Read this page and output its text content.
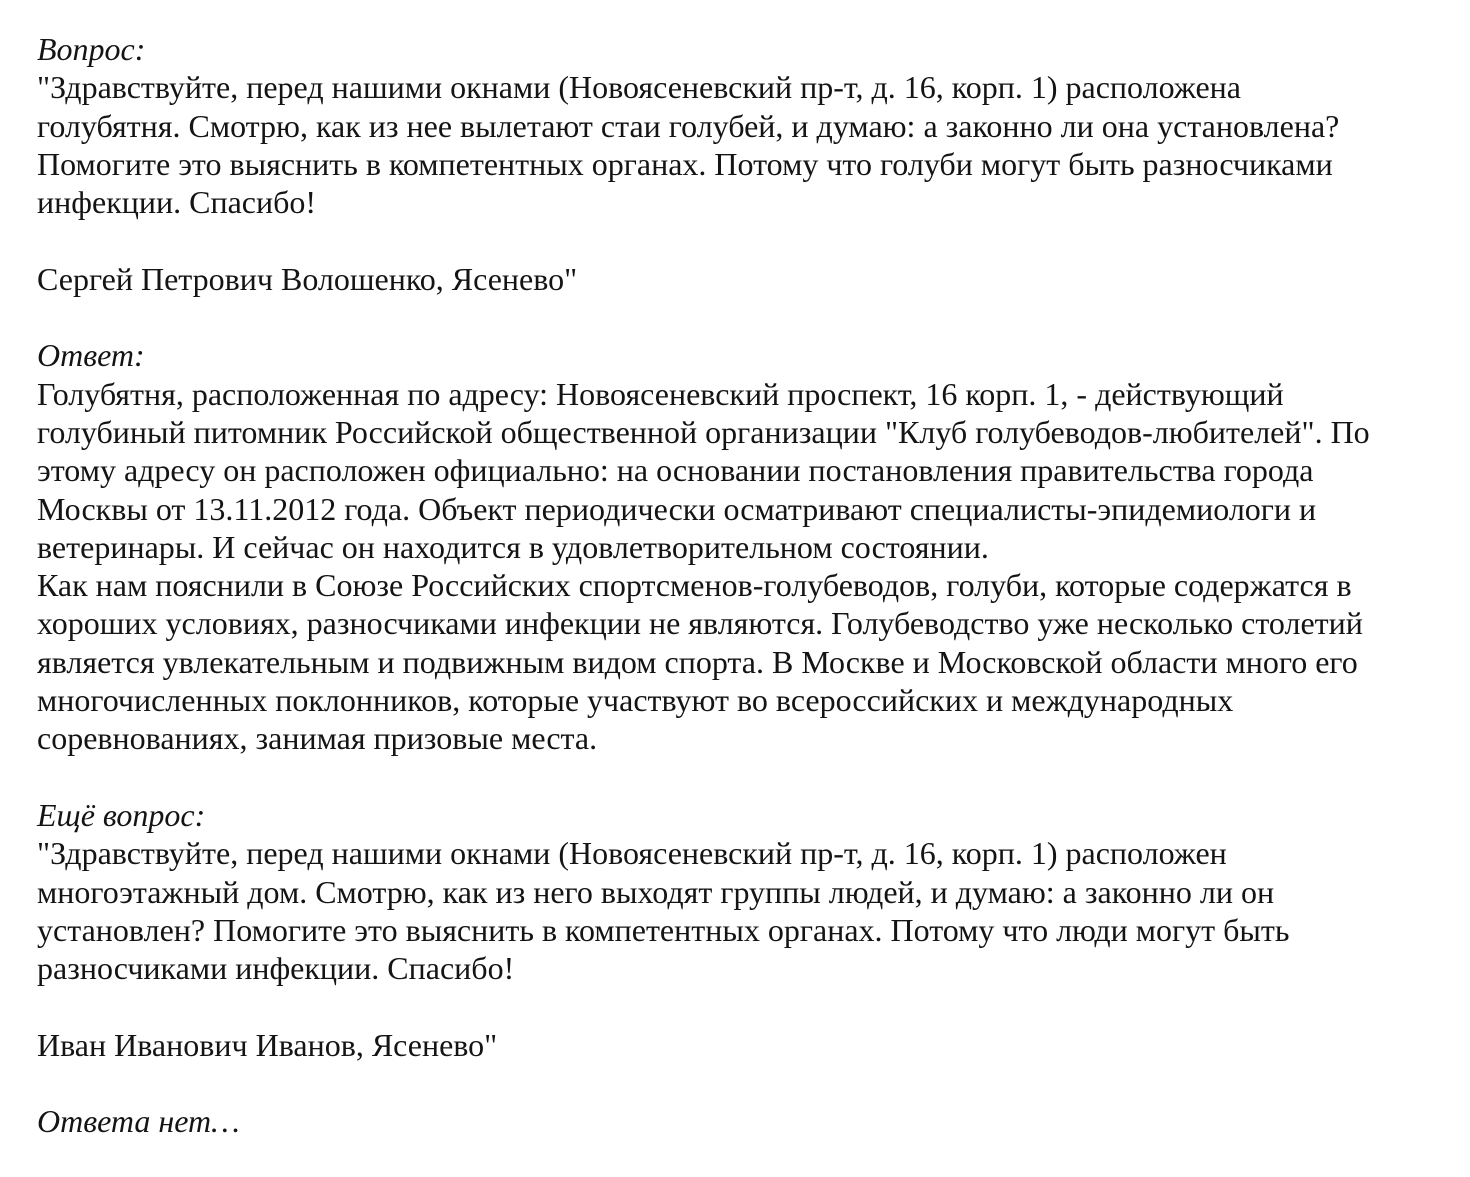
Вопрос:
"Здравствуйте, перед нашими окнами (Новоясеневский пр-т, д. 16, корп. 1) расположена
голубятня. Смотрю, как из нее вылетают стаи голубей, и думаю: а законно ли она установлена?
Помогите это выяснить в компетентных органах. Потому что голуби могут быть разносчиками
инфекции. Спасибо!
Сергей Петрович Волошенко, Ясенево"
Ответ:
Голубятня, расположенная по адресу: Новоясеневский проспект, 16 корп. 1, - действующий
голубиный питомник Российской общественной организации "Клуб голубеводов-любителей". По
этому адресу он расположен официально: на основании постановления правительства города
Москвы от 13.11.2012 года. Объект периодически осматривают специалисты-эпидемиологи и
ветеринары. И сейчас он находится в удовлетворительном состоянии.
Как нам пояснили в Союзе Российских спортсменов-голубеводов, голуби, которые содержатся в
хороших условиях, разносчиками инфекции не являются. Голубеводство уже несколько столетий
является увлекательным и подвижным видом спорта. В Москве и Московской области много его
многочисленных поклонников, которые участвуют во всероссийских и международных
соревнованиях, занимая призовые места.
Ещё вопрос:
"Здравствуйте, перед нашими окнами (Новоясеневский пр-т, д. 16, корп. 1) расположен
многоэтажный дом. Смотрю, как из него выходят группы людей, и думаю: а законно ли он
установлен? Помогите это выяснить в компетентных органах. Потому что люди могут быть
разносчиками инфекции. Спасибо!
Иван Иванович Иванов, Ясенево"
Ответа нет…
